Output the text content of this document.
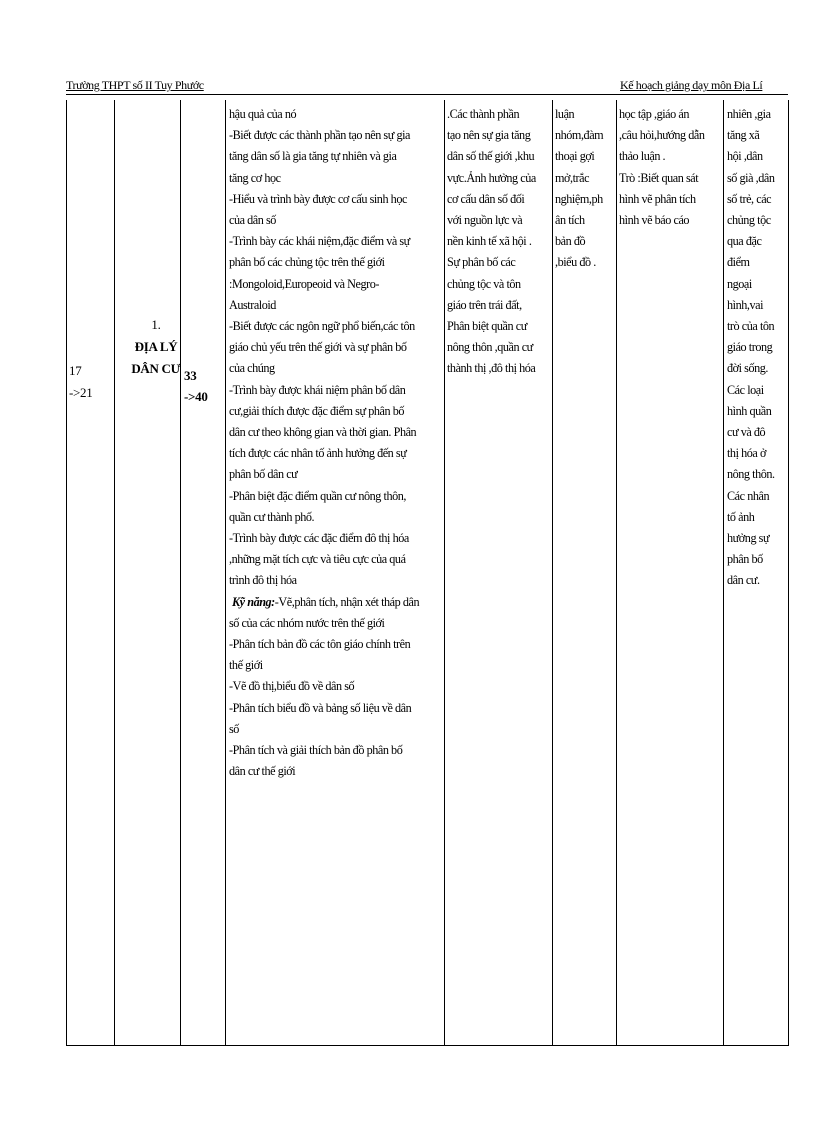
Trường THPT số II Tuy Phước	Kế hoạch giảng dạy môn Địa Lí
17
->21
1.
ĐỊA LÝ
DÂN CƯ 33
->40
hậu quả của nó
-Biết được các thành phần tạo nên sự gia
tăng dân số là gia tăng tự nhiên và gia
tăng cơ học
-Hiểu và trình bày được cơ cấu sinh học
của dân số
-Trình bày các khái niệm,đặc điểm và sự
phân bố các chủng tộc trên thế giới
:Mongoloid,Europeoid và Negro-
Australoid
-Biết được các ngôn ngữ phổ biến,các tôn
giáo chủ yếu trên thế giới và sự phân bố
của chúng
-Trình bày được khái niệm phân bố dân
cư,giải thích được đặc điểm sự phân bố
dân cư theo không gian và thời gian. Phân
tích được các nhân tố ảnh hưởng đến sự
phân bố dân cư
-Phân biệt đặc điểm quần cư nông thôn,
quần cư thành phố.
-Trình bày được các đặc điểm đô thị hóa
,những mặt tích cực và tiêu cực của quá
trình đô thị hóa
Kỹ năng:-Vẽ,phân tích, nhận xét tháp dân
số của các nhóm nước trên thế giới
-Phân tích bản đồ các tôn giáo chính trên
thế giới
-Vẽ đồ thị,biểu đồ về dân số
-Phân tích biểu đồ và bảng số liệu về dân
số
-Phân tích và giải thích bản đồ phân bố
dân cư thế giới
.Các thành phần
tạo nên sự gia tăng
dân số thế giới ,khu
vực.Ảnh hưởng của
cơ cấu dân số đối
với nguồn lực và
nền kinh tế xã hội .
Sự phân bố các
chủng tộc và tôn
giáo trên trái đất,
Phân biệt quần cư
nông thôn ,quần cư
thành thị ,đô thị hóa
luận
nhóm,đàm
thoại gợi
mở,trắc
nghiệm,ph
ân tích
bản đồ
,biểu đồ .
học tập ,giáo án
,câu hỏi,hướng dẫn
thảo luận .
Trò :Biết quan sát
hình vẽ phân tích
hình vẽ báo cáo
nhiên ,gia
tăng xã
hội ,dân
số già ,dân
số trẻ, các
chủng tộc
qua đặc
điểm
ngoại
hình,vai
trò của tôn
giáo trong
đời sống.
Các loại
hình quần
cư và đô
thị hóa ở
nông thôn.
Các nhân
tố ảnh
hưởng sự
phân bố
dân cư.
